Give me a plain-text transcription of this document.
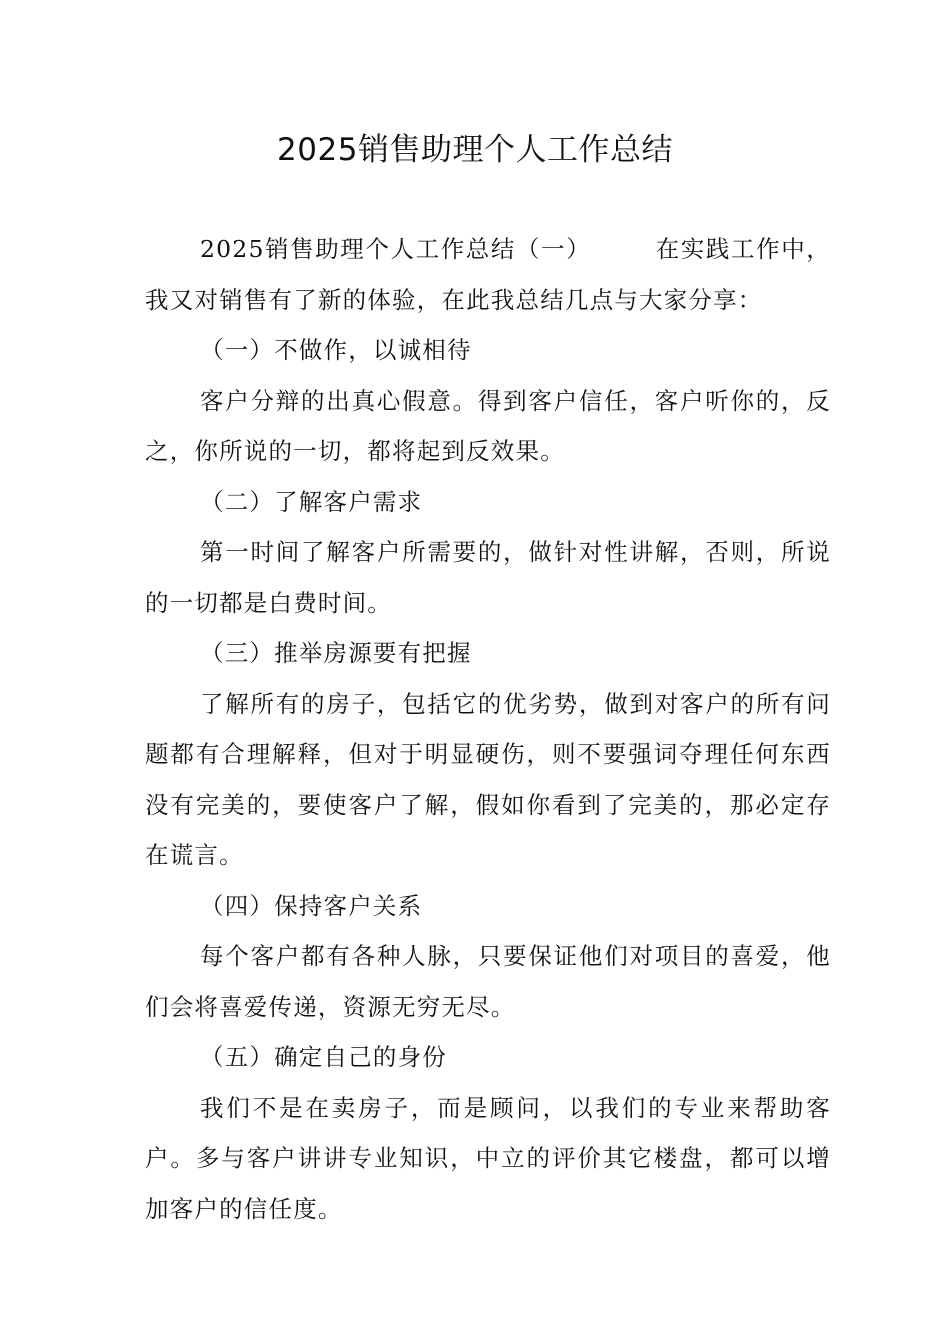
2025销售助理个人工作总结

2025销售助理个人工作总结（一）	在实践工作中，我又对销售有了新的体验，在此我总结几点与大家分享：

（一）不做作，以诚相待

客户分辩的出真心假意。得到客户信任，客户听你的，反之，你所说的一切，都将起到反效果。

（二）了解客户需求

第一时间了解客户所需要的，做针对性讲解，否则，所说的一切都是白费时间。

（三）推举房源要有把握

了解所有的房子，包括它的优劣势，做到对客户的所有问题都有合理解释，但对于明显硬伤，则不要强词夺理任何东西没有完美的，要使客户了解，假如你看到了完美的，那必定存在谎言。

（四）保持客户关系

每个客户都有各种人脉，只要保证他们对项目的喜爱，他们会将喜爱传递，资源无穷无尽。

（五）确定自己的身份

我们不是在卖房子，而是顾问，以我们的专业来帮助客户。多与客户讲讲专业知识，中立的评价其它楼盘，都可以增加客户的信任度。
